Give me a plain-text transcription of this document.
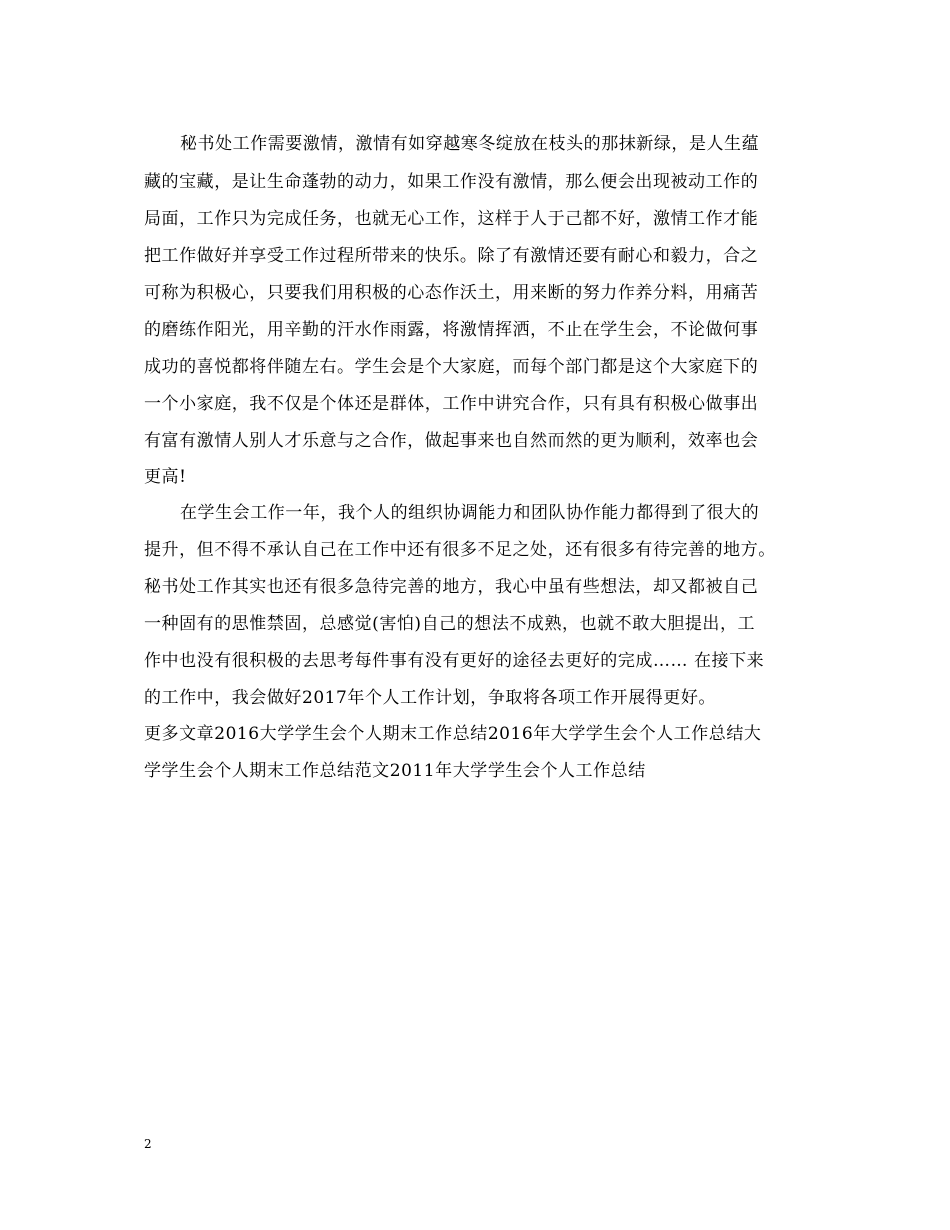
秘书处工作需要激情，激情有如穿越寒冬绽放在枝头的那抹新绿，是人生蕴
藏的宝藏，是让生命蓬勃的动力，如果工作没有激情，那么便会出现被动工作的
局面，工作只为完成任务，也就无心工作，这样于人于己都不好，激情工作才能
把工作做好并享受工作过程所带来的快乐。除了有激情还要有耐心和毅力，合之
可称为积极心，只要我们用积极的心态作沃土，用来断的努力作养分料，用痛苦
的磨练作阳光，用辛勤的汗水作雨露，将激情挥洒，不止在学生会，不论做何事
成功的喜悦都将伴随左右。学生会是个大家庭，而每个部门都是这个大家庭下的
一个小家庭，我不仅是个体还是群体，工作中讲究合作，只有具有积极心做事出
有富有激情人别人才乐意与之合作，做起事来也自然而然的更为顺利，效率也会
更高!
在学生会工作一年，我个人的组织协调能力和团队协作能力都得到了很大的
提升，但不得不承认自己在工作中还有很多不足之处，还有很多有待完善的地方。
秘书处工作其实也还有很多急待完善的地方，我心中虽有些想法，却又都被自己
一种固有的思惟禁固，总感觉(害怕)自己的想法不成熟，也就不敢大胆提出，工
作中也没有很积极的去思考每件事有没有更好的途径去更好的完成…… 在接下来
的工作中，我会做好2017年个人工作计划，争取将各项工作开展得更好。
更多文章2016大学学生会个人期末工作总结2016年大学学生会个人工作总结大
学学生会个人期末工作总结范文2011年大学学生会个人工作总结
2
